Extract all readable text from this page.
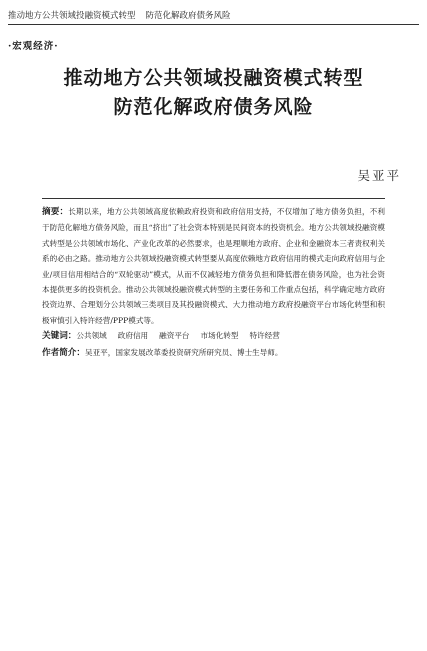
推动地方公共领域投融资模式转型 防范化解政府债务风险
·宏观经济·
推动地方公共领域投融资模式转型
防范化解政府债务风险
吴亚平
摘要：长期以来，地方公共领域高度依赖政府投资和政府信用支持，不仅增加了地方债务负担，不利于防范化解地方债务风险，而且“挤出”了社会资本特别是民间资本的投资机会。地方公共领域投融资模式转型是公共领域市场化、产业化改革的必然要求，也是理顺地方政府、企业和金融资本三者责权利关系的必由之路。推动地方公共领域投融资模式转型要从高度依赖地方政府信用的模式走向政府信用与企业/项目信用相结合的“双轮驱动”模式，从而不仅减轻地方债务负担和降低潜在债务风险，也为社会资本提供更多的投资机会。推动公共领域投融资模式转型的主要任务和工作重点包括，科学确定地方政府投资边界、合理划分公共领域三类项目及其投融资模式、大力推动地方政府投融资平台市场化转型和积极审慎引入特许经营/PPP模式等。
关键词：公共领域 政府信用 融资平台 市场化转型 特许经营
作者简介：吴亚平，国家发展改革委投资研究所研究员、博士生导师。
